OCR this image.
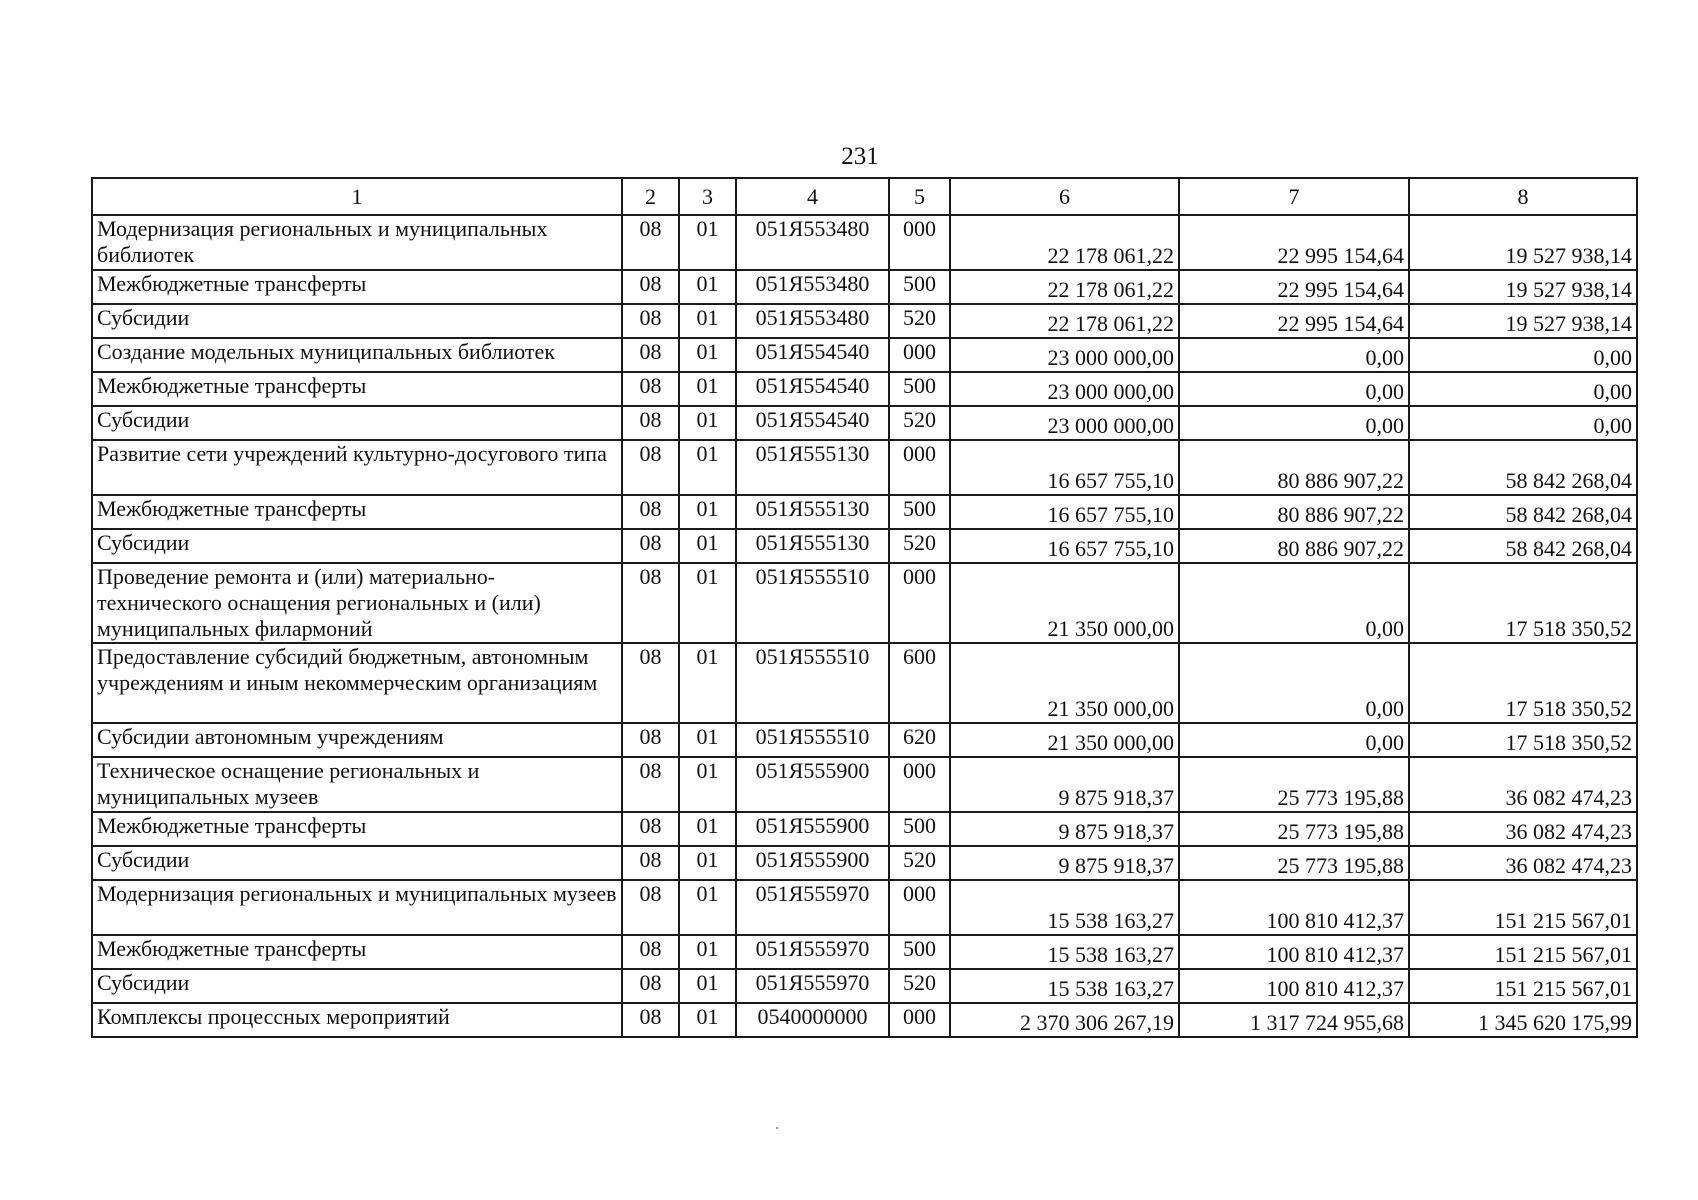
231
1	2	3	4	5	6	7	8
Модернизация региональных и муниципальных библиотек	08	01	051Я553480	000	22 178 061,22	22 995 154,64	19 527 938,14
Межбюджетные трансферты	08	01	051Я553480	500	22 178 061,22	22 995 154,64	19 527 938,14
Субсидии	08	01	051Я553480	520	22 178 061,22	22 995 154,64	19 527 938,14
Создание модельных муниципальных библиотек	08	01	051Я554540	000	23 000 000,00	0,00	0,00
Межбюджетные трансферты	08	01	051Я554540	500	23 000 000,00	0,00	0,00
Субсидии	08	01	051Я554540	520	23 000 000,00	0,00	0,00
Развитие сети учреждений культурно-досугового типа	08	01	051Я555130	000	16 657 755,10	80 886 907,22	58 842 268,04
Межбюджетные трансферты	08	01	051Я555130	500	16 657 755,10	80 886 907,22	58 842 268,04
Субсидии	08	01	051Я555130	520	16 657 755,10	80 886 907,22	58 842 268,04
Проведение ремонта и (или) материально-технического оснащения региональных и (или) муниципальных филармоний	08	01	051Я555510	000	21 350 000,00	0,00	17 518 350,52
Предоставление субсидий бюджетным, автономным учреждениям и иным некоммерческим организациям	08	01	051Я555510	600	21 350 000,00	0,00	17 518 350,52
Субсидии автономным учреждениям	08	01	051Я555510	620	21 350 000,00	0,00	17 518 350,52
Техническое оснащение региональных и муниципальных музеев	08	01	051Я555900	000	9 875 918,37	25 773 195,88	36 082 474,23
Межбюджетные трансферты	08	01	051Я555900	500	9 875 918,37	25 773 195,88	36 082 474,23
Субсидии	08	01	051Я555900	520	9 875 918,37	25 773 195,88	36 082 474,23
Модернизация региональных и муниципальных музеев	08	01	051Я555970	000	15 538 163,27	100 810 412,37	151 215 567,01
Межбюджетные трансферты	08	01	051Я555970	500	15 538 163,27	100 810 412,37	151 215 567,01
Субсидии	08	01	051Я555970	520	15 538 163,27	100 810 412,37	151 215 567,01
Комплексы процессных мероприятий	08	01	0540000000	000	2 370 306 267,19	1 317 724 955,68	1 345 620 175,99
